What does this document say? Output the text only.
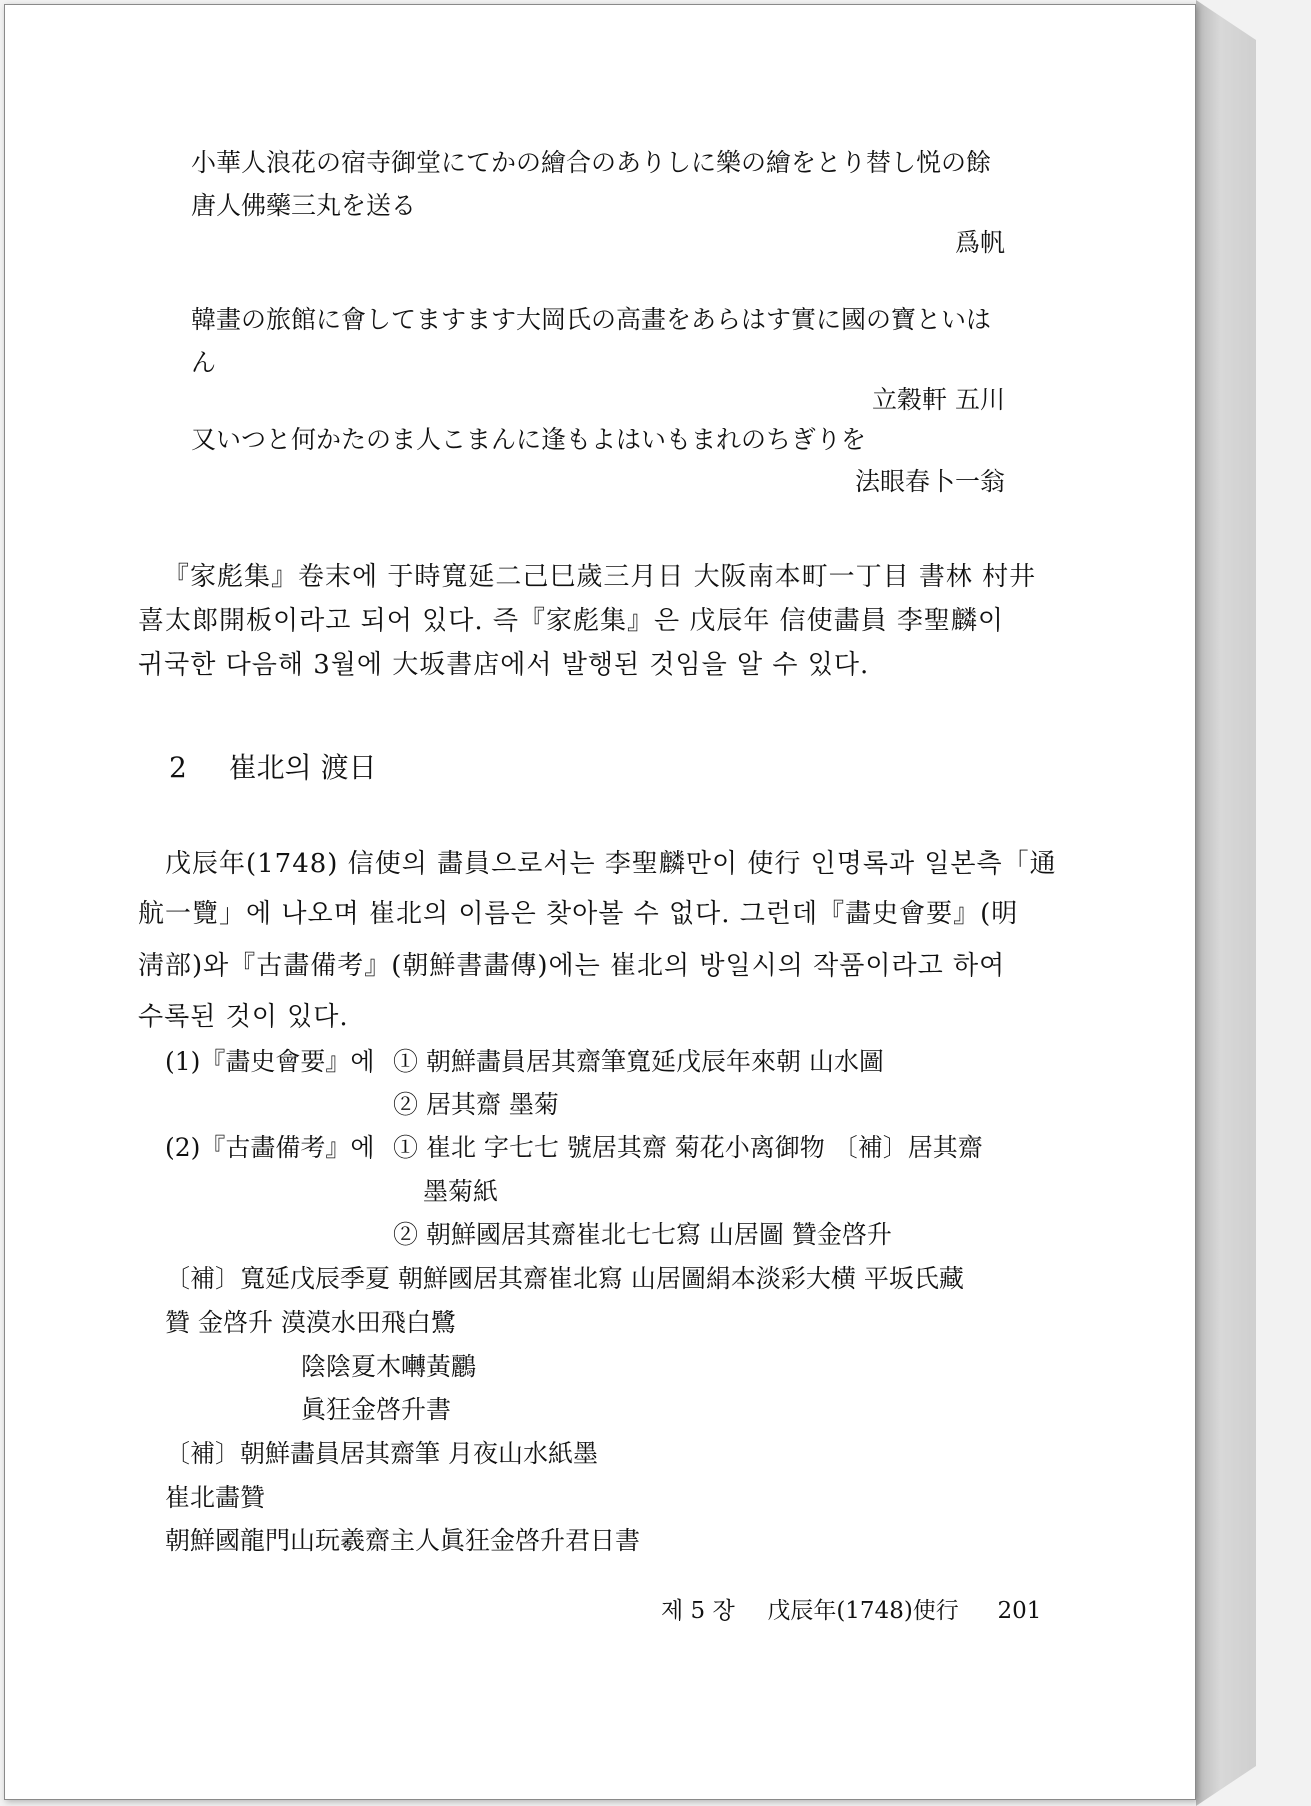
小華人浪花の宿寺御堂にてかの繪合のありしに樂の繪をとり替し悦の餘
唐人佛藥三丸を送る
爲帆
韓畫の旅館に會してますます大岡氏の高畫をあらはす實に國の寶といは
ん
立穀軒 五川
又いつと何かたのま人こまんに逢もよはいもまれのちぎりを
法眼春卜一翁
『家彪集』卷末에 于時寬延二己巳歲三月日 大阪南本町一丁目 書林 村井
喜太郞開板이라고 되어 있다. 즉『家彪集』은 戊辰年 信使畵員 李聖麟이
귀국한 다음해 3월에 大坂書店에서 발행된 것임을 알 수 있다.
2 崔北의 渡日
戊辰年(1748) 信使의 畵員으로서는 李聖麟만이 使行 인명록과 일본측「通
航一覽」에 나오며 崔北의 이름은 찾아볼 수 없다. 그런데『畵史會要』(明
淸部)와『古畵備考』(朝鮮書畵傳)에는 崔北의 방일시의 작품이라고 하여
수록된 것이 있다.
(1)『畵史會要』에 ① 朝鮮畵員居其齋筆寬延戊辰年來朝 山水圖
② 居其齋 墨菊
(2)『古畵備考』에 ① 崔北 字七七 號居其齋 菊花小离御物 〔補〕居其齋
墨菊紙
② 朝鮮國居其齋崔北七七寫 山居圖 贊金啓升
〔補〕寬延戊辰季夏 朝鮮國居其齋崔北寫 山居圖絹本淡彩大横 平坂氏藏
贊 金啓升 漠漠水田飛白鷺
陰陰夏木囀黃鸝
眞狂金啓升書
〔補〕朝鮮畵員居其齋筆 月夜山水紙墨
崔北畵贊
朝鮮國龍門山玩羲齋主人眞狂金啓升君日書
제 5 장 戊辰年(1748)使行 201
